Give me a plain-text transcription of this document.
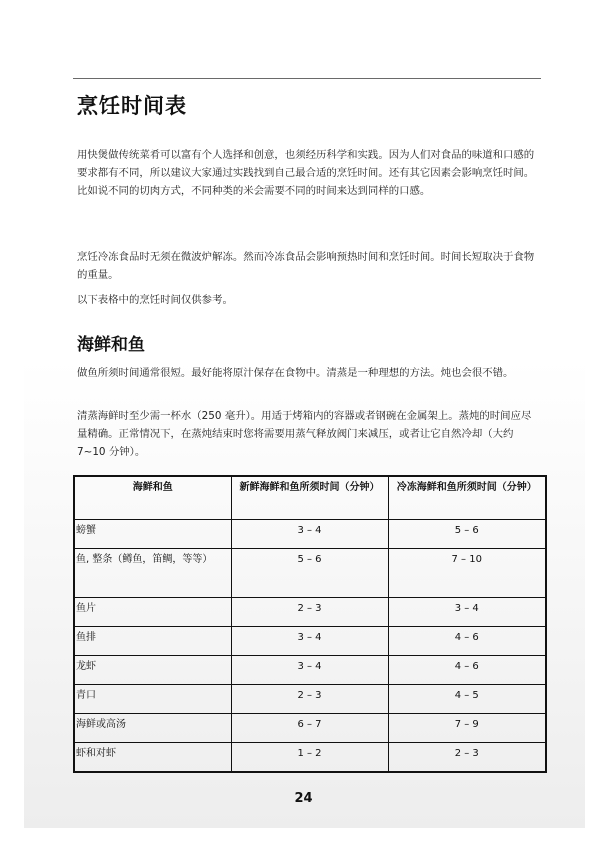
烹饪时间表

用快煲做传统菜肴可以富有个人选择和创意，也须经历科学和实践。因为人们对食品的味道和口感的要求都有不同，所以建议大家通过实践找到自己最合适的烹饪时间。还有其它因素会影响烹饪时间。 比如说不同的切肉方式，不同种类的米会需要不同的时间来达到同样的口感。

烹饪冷冻食品时无须在微波炉解冻。然而冷冻食品会影响预热时间和烹饪时间。时间长短取决于食物的重量。

以下表格中的烹饪时间仅供参考。

海鲜和鱼

做鱼所须时间通常很短。最好能将原汁保存在食物中。清蒸是一种理想的方法。炖也会很不错。

清蒸海鲜时至少需一杯水（250 毫升）。用适于烤箱内的容器或者钢碗在金属架上。蒸炖的时间应尽量精确。正常情况下，在蒸炖结束时您将需要用蒸气释放阀门来减压，或者让它自然冷却（大约 7~10 分钟）。

海鲜和鱼	新鲜海鲜和鱼所须时间（分钟）	冷冻海鲜和鱼所须时间（分钟）
螃蟹	3 – 4	5 – 6
鱼, 整条（鳟鱼，笛鲷，等等）	5 – 6	7 – 10
鱼片	2 – 3	3 – 4
鱼排	3 – 4	4 – 6
龙虾	3 – 4	4 – 6
青口	2 – 3	4 – 5
海鲜或高汤	6 – 7	7 – 9
虾和对虾	1 – 2	2 – 3
24
